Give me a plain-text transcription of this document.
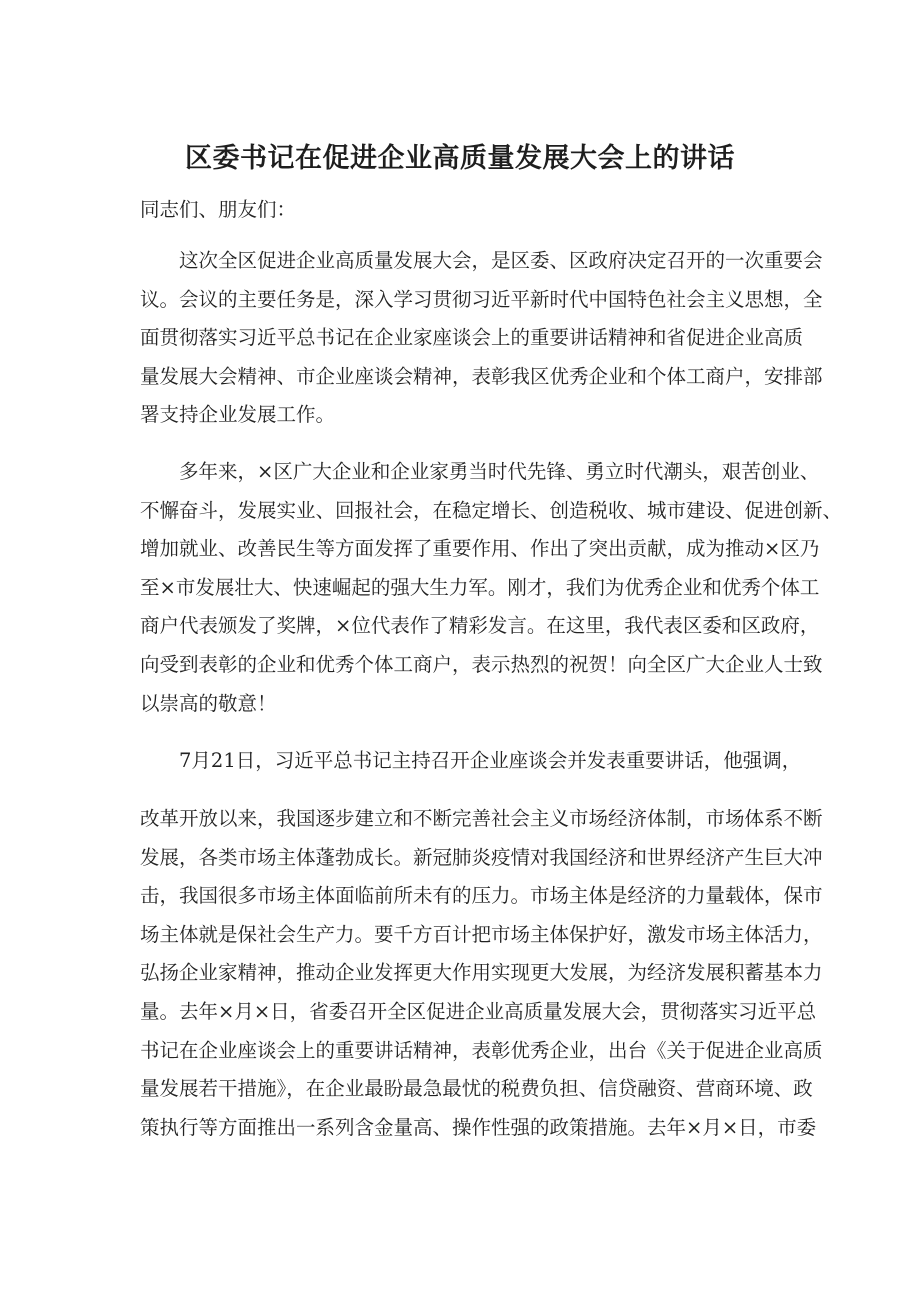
区委书记在促进企业高质量发展大会上的讲话
同志们、朋友们：
这次全区促进企业高质量发展大会，是区委、区政府决定召开的一次重要会
议。会议的主要任务是，深入学习贯彻习近平新时代中国特色社会主义思想，全
面贯彻落实习近平总书记在企业家座谈会上的重要讲话精神和省促进企业高质
量发展大会精神、市企业座谈会精神，表彰我区优秀企业和个体工商户，安排部
署支持企业发展工作。
多年来，×区广大企业和企业家勇当时代先锋、勇立时代潮头，艰苦创业、
不懈奋斗，发展实业、回报社会，在稳定增长、创造税收、城市建设、促进创新、
增加就业、改善民生等方面发挥了重要作用、作出了突出贡献，成为推动×区乃
至×市发展壮大、快速崛起的强大生力军。刚才，我们为优秀企业和优秀个体工
商户代表颁发了奖牌，×位代表作了精彩发言。在这里，我代表区委和区政府，
向受到表彰的企业和优秀个体工商户，表示热烈的祝贺！向全区广大企业人士致
以崇高的敬意！
7月21日，习近平总书记主持召开企业座谈会并发表重要讲话，他强调，
改革开放以来，我国逐步建立和不断完善社会主义市场经济体制，市场体系不断
发展，各类市场主体蓬勃成长。新冠肺炎疫情对我国经济和世界经济产生巨大冲
击，我国很多市场主体面临前所未有的压力。市场主体是经济的力量载体，保市
场主体就是保社会生产力。要千方百计把市场主体保护好，激发市场主体活力，
弘扬企业家精神，推动企业发挥更大作用实现更大发展，为经济发展积蓄基本力
量。去年×月×日，省委召开全区促进企业高质量发展大会，贯彻落实习近平总
书记在企业座谈会上的重要讲话精神，表彰优秀企业，出台《关于促进企业高质
量发展若干措施》，在企业最盼最急最忧的税费负担、信贷融资、营商环境、政
策执行等方面推出一系列含金量高、操作性强的政策措施。去年×月×日，市委
